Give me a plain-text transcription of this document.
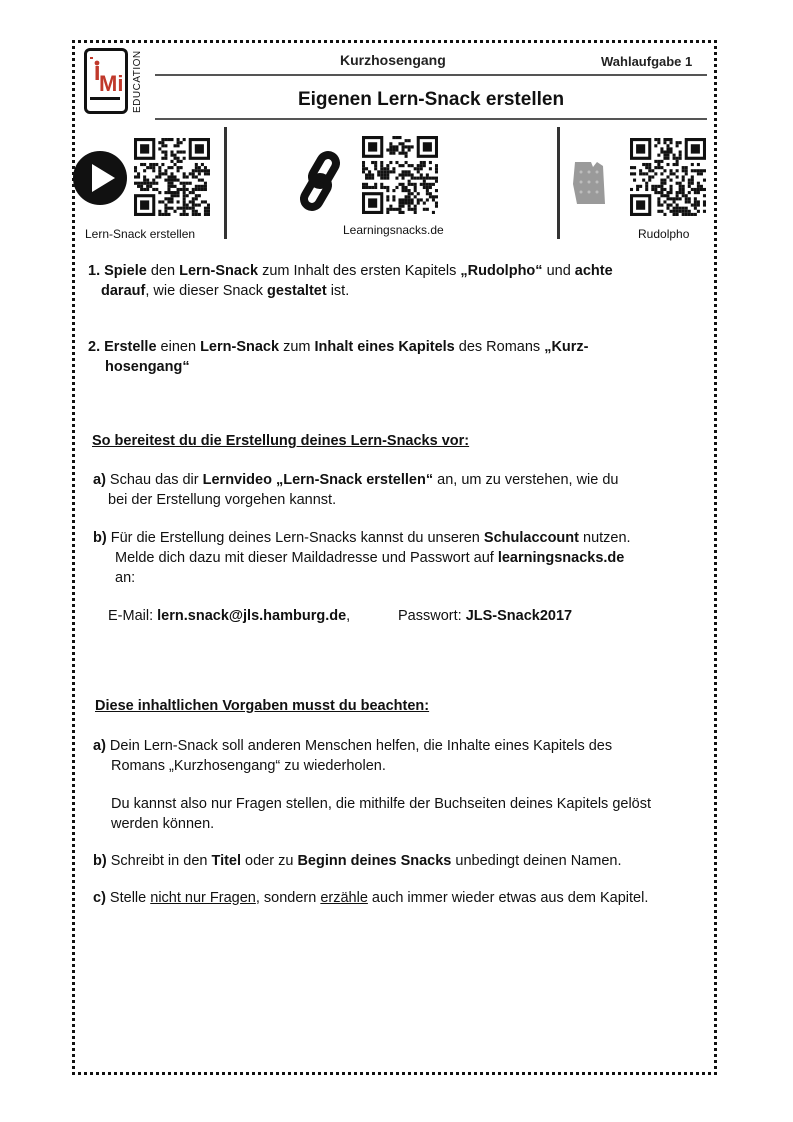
Mi EDUCATION	Kurzhosengang	Wahlaufgabe 1
Eigenen Lern-Snack erstellen
Lern-Snack erstellen	Learningsnacks.de	Rudolpho
1. Spiele den Lern-Snack zum Inhalt des ersten Kapitels „Rudolpho“ und achte
darauf, wie dieser Snack gestaltet ist.
2. Erstelle einen Lern-Snack zum Inhalt eines Kapitels des Romans „Kurz-
hosengang“
So bereitest du die Erstellung deines Lern-Snacks vor:
a) Schau das dir Lernvideo „Lern-Snack erstellen“ an, um zu verstehen, wie du
bei der Erstellung vorgehen kannst.
b) Für die Erstellung deines Lern-Snacks kannst du unseren Schulaccount nutzen.
Melde dich dazu mit dieser Maildadresse und Passwort auf learningsnacks.de
an:
E-Mail: lern.snack@jls.hamburg.de,	Passwort: JLS-Snack2017
Diese inhaltlichen Vorgaben musst du beachten:
a) Dein Lern-Snack soll anderen Menschen helfen, die Inhalte eines Kapitels des
Romans „Kurzhosengang“ zu wiederholen.
Du kannst also nur Fragen stellen, die mithilfe der Buchseiten deines Kapitels gelöst
werden können.
b) Schreibt in den Titel oder zu Beginn deines Snacks unbedingt deinen Namen.
c) Stelle nicht nur Fragen, sondern erzähle auch immer wieder etwas aus dem Kapitel.
